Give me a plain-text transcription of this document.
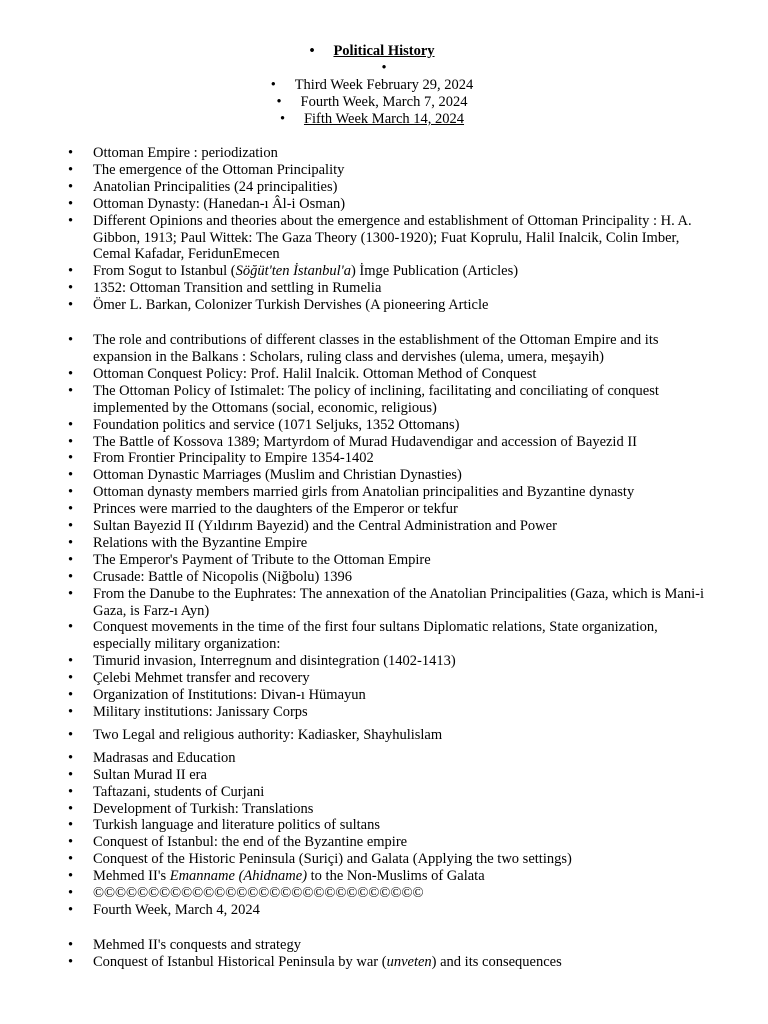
• Political History
•
• Third Week February 29, 2024
• Fourth Week, March 7, 2024
• Fifth Week March 14, 2024
• Ottoman Empire : periodization
• The emergence of the Ottoman Principality
• Anatolian Principalities (24 principalities)
• Ottoman Dynasty: (Hanedan-ı Âl-i Osman)
• Different Opinions and theories about the emergence and establishment of Ottoman Principality : H. A. Gibbon, 1913; Paul Wittek: The Gaza Theory (1300-1920); Fuat Koprulu, Halil Inalcik, Colin Imber, Cemal Kafadar, FeridunEmecen
• From Sogut to Istanbul (Söğüt'ten İstanbul'a) İmge Publication (Articles)
• 1352: Ottoman Transition and settling in Rumelia
• Ömer L. Barkan, Colonizer Turkish Dervishes (A pioneering Article
• The role and contributions of different classes in the establishment of the Ottoman Empire and its expansion in the Balkans : Scholars, ruling class and dervishes (ulema, umera, meşayih)
• Ottoman Conquest Policy: Prof. Halil Inalcik. Ottoman Method of Conquest
• The Ottoman Policy of Istimalet: The policy of inclining, facilitating and conciliating of conquest implemented by the Ottomans (social, economic, religious)
• Foundation politics and service (1071 Seljuks, 1352 Ottomans)
• The Battle of Kossova 1389; Martyrdom of Murad Hudavendigar and accession of Bayezid II
• From Frontier Principality to Empire 1354-1402
• Ottoman Dynastic Marriages (Muslim and Christian Dynasties)
• Ottoman dynasty members married girls from Anatolian principalities and Byzantine dynasty
• Princes were married to the daughters of the Emperor or tekfur
• Sultan Bayezid II (Yıldırım Bayezid) and the Central Administration and Power
• Relations with the Byzantine Empire
• The Emperor's Payment of Tribute to the Ottoman Empire
• Crusade: Battle of Nicopolis (Niğbolu) 1396
• From the Danube to the Euphrates: The annexation of the Anatolian Principalities (Gaza, which is Mani-i Gaza, is Farz-ı Ayn)
• Conquest movements in the time of the first four sultans Diplomatic relations, State organization, especially military organization:
• Timurid invasion, Interregnum and disintegration (1402-1413)
• Çelebi Mehmet transfer and recovery
• Organization of Institutions: Divan-ı Hümayun
• Military institutions: Janissary Corps
• Two Legal and religious authority: Kadiasker, Shayhulislam
• Madrasas and Education
• Sultan Murad II era
• Taftazani, students of Curjani
• Development of Turkish: Translations
• Turkish language and literature politics of sultans
• Conquest of Istanbul: the end of the Byzantine empire
• Conquest of the Historic Peninsula (Suriçi) and Galata (Applying the two settings)
• Mehmed II's Emanname (Ahidname) to the Non-Muslims of Galata
• ©©©©©©©©©©©©©©©©©©©©©©©©©©©©©©
• Fourth Week, March 4, 2024
• Mehmed II's conquests and strategy
• Conquest of Istanbul Historical Peninsula by war (unveten) and its consequences
